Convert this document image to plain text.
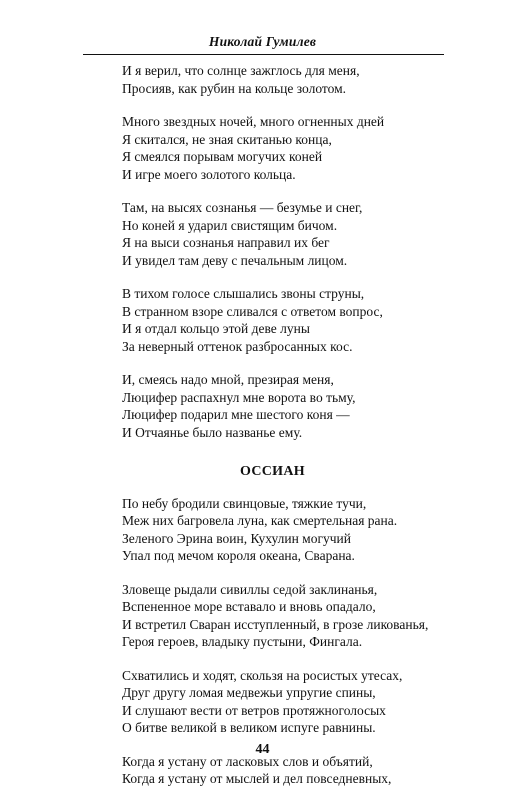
Николай Гумилев
И я верил, что солнце зажглось для меня,
Просияв, как рубин на кольце золотом.
Много звездных ночей, много огненных дней
Я скитался, не зная скитанью конца,
Я смеялся порывам могучих коней
И игре моего золотого кольца.
Там, на высях сознанья — безумье и снег,
Но коней я ударил свистящим бичом.
Я на выси сознанья направил их бег
И увидел там деву с печальным лицом.
В тихом голосе слышались звоны струны,
В странном взоре сливался с ответом вопрос,
И я отдал кольцо этой деве луны
За неверный оттенок разбросанных кос.
И, смеясь надо мной, презирая меня,
Люцифер распахнул мне ворота во тьму,
Люцифер подарил мне шестого коня —
И Отчаянье было названье ему.
ОССИАН
По небу бродили свинцовые, тяжкие тучи,
Меж них багровела луна, как смертельная рана.
Зеленого Эрина воин, Кухулин могучий
Упал под мечом короля океана, Сварана.
Зловеще рыдали сивиллы седой заклинанья,
Вспененное море вставало и вновь опадало,
И встретил Сваран исступленный, в грозе ликованья,
Героя героев, владыку пустыни, Фингала.
Схватились и ходят, скользя на росистых утесах,
Друг другу ломая медвежьи упругие спины,
И слушают вести от ветров протяжноголосых
О битве великой в великом испуге равнины.
Когда я устану от ласковых слов и объятий,
Когда я устану от мыслей и дел повседневных,
44
